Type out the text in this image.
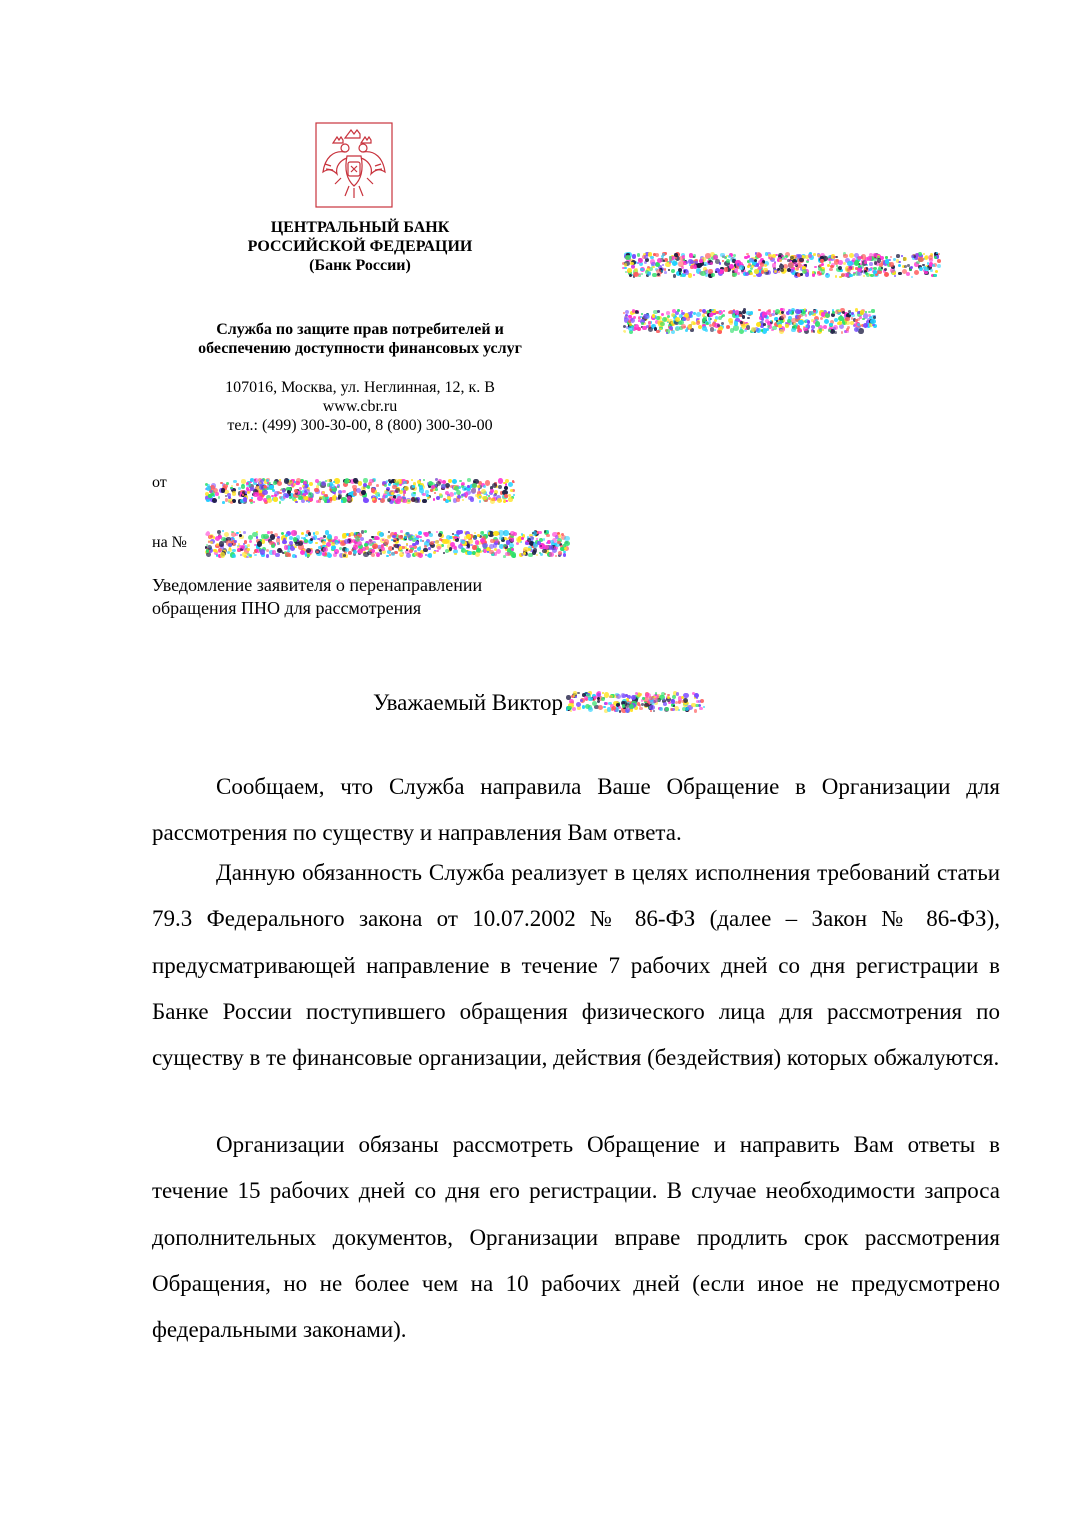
ЦЕНТРАЛЬНЫЙ БАНК
РОССИЙСКОЙ ФЕДЕРАЦИИ
(Банк России)
Служба по защите прав потребителей и
обеспечению доступности финансовых услуг
107016, Москва, ул. Неглинная, 12, к. В
www.cbr.ru
тел.: (499) 300-30-00, 8 (800) 300-30-00
от
на №
Уведомление заявителя о перенаправлении
обращения ПНО для рассмотрения
Уважаемый Виктор

Сообщаем, что Служба направила Ваше Обращение в Организации для рассмотрения по существу и направления Вам ответа.

Данную обязанность Служба реализует в целях исполнения требований статьи 79.3 Федерального закона от 10.07.2002 № 86-ФЗ (далее – Закон № 86-ФЗ), предусматривающей направление в течение 7 рабочих дней со дня регистрации в Банке России поступившего обращения физического лица для рассмотрения по существу в те финансовые организации, действия (бездействия) которых обжалуются.

Организации обязаны рассмотреть Обращение и направить Вам ответы в течение 15 рабочих дней со дня его регистрации. В случае необходимости запроса дополнительных документов, Организации вправе продлить срок рассмотрения Обращения, но не более чем на 10 рабочих дней (если иное не предусмотрено федеральными законами).
